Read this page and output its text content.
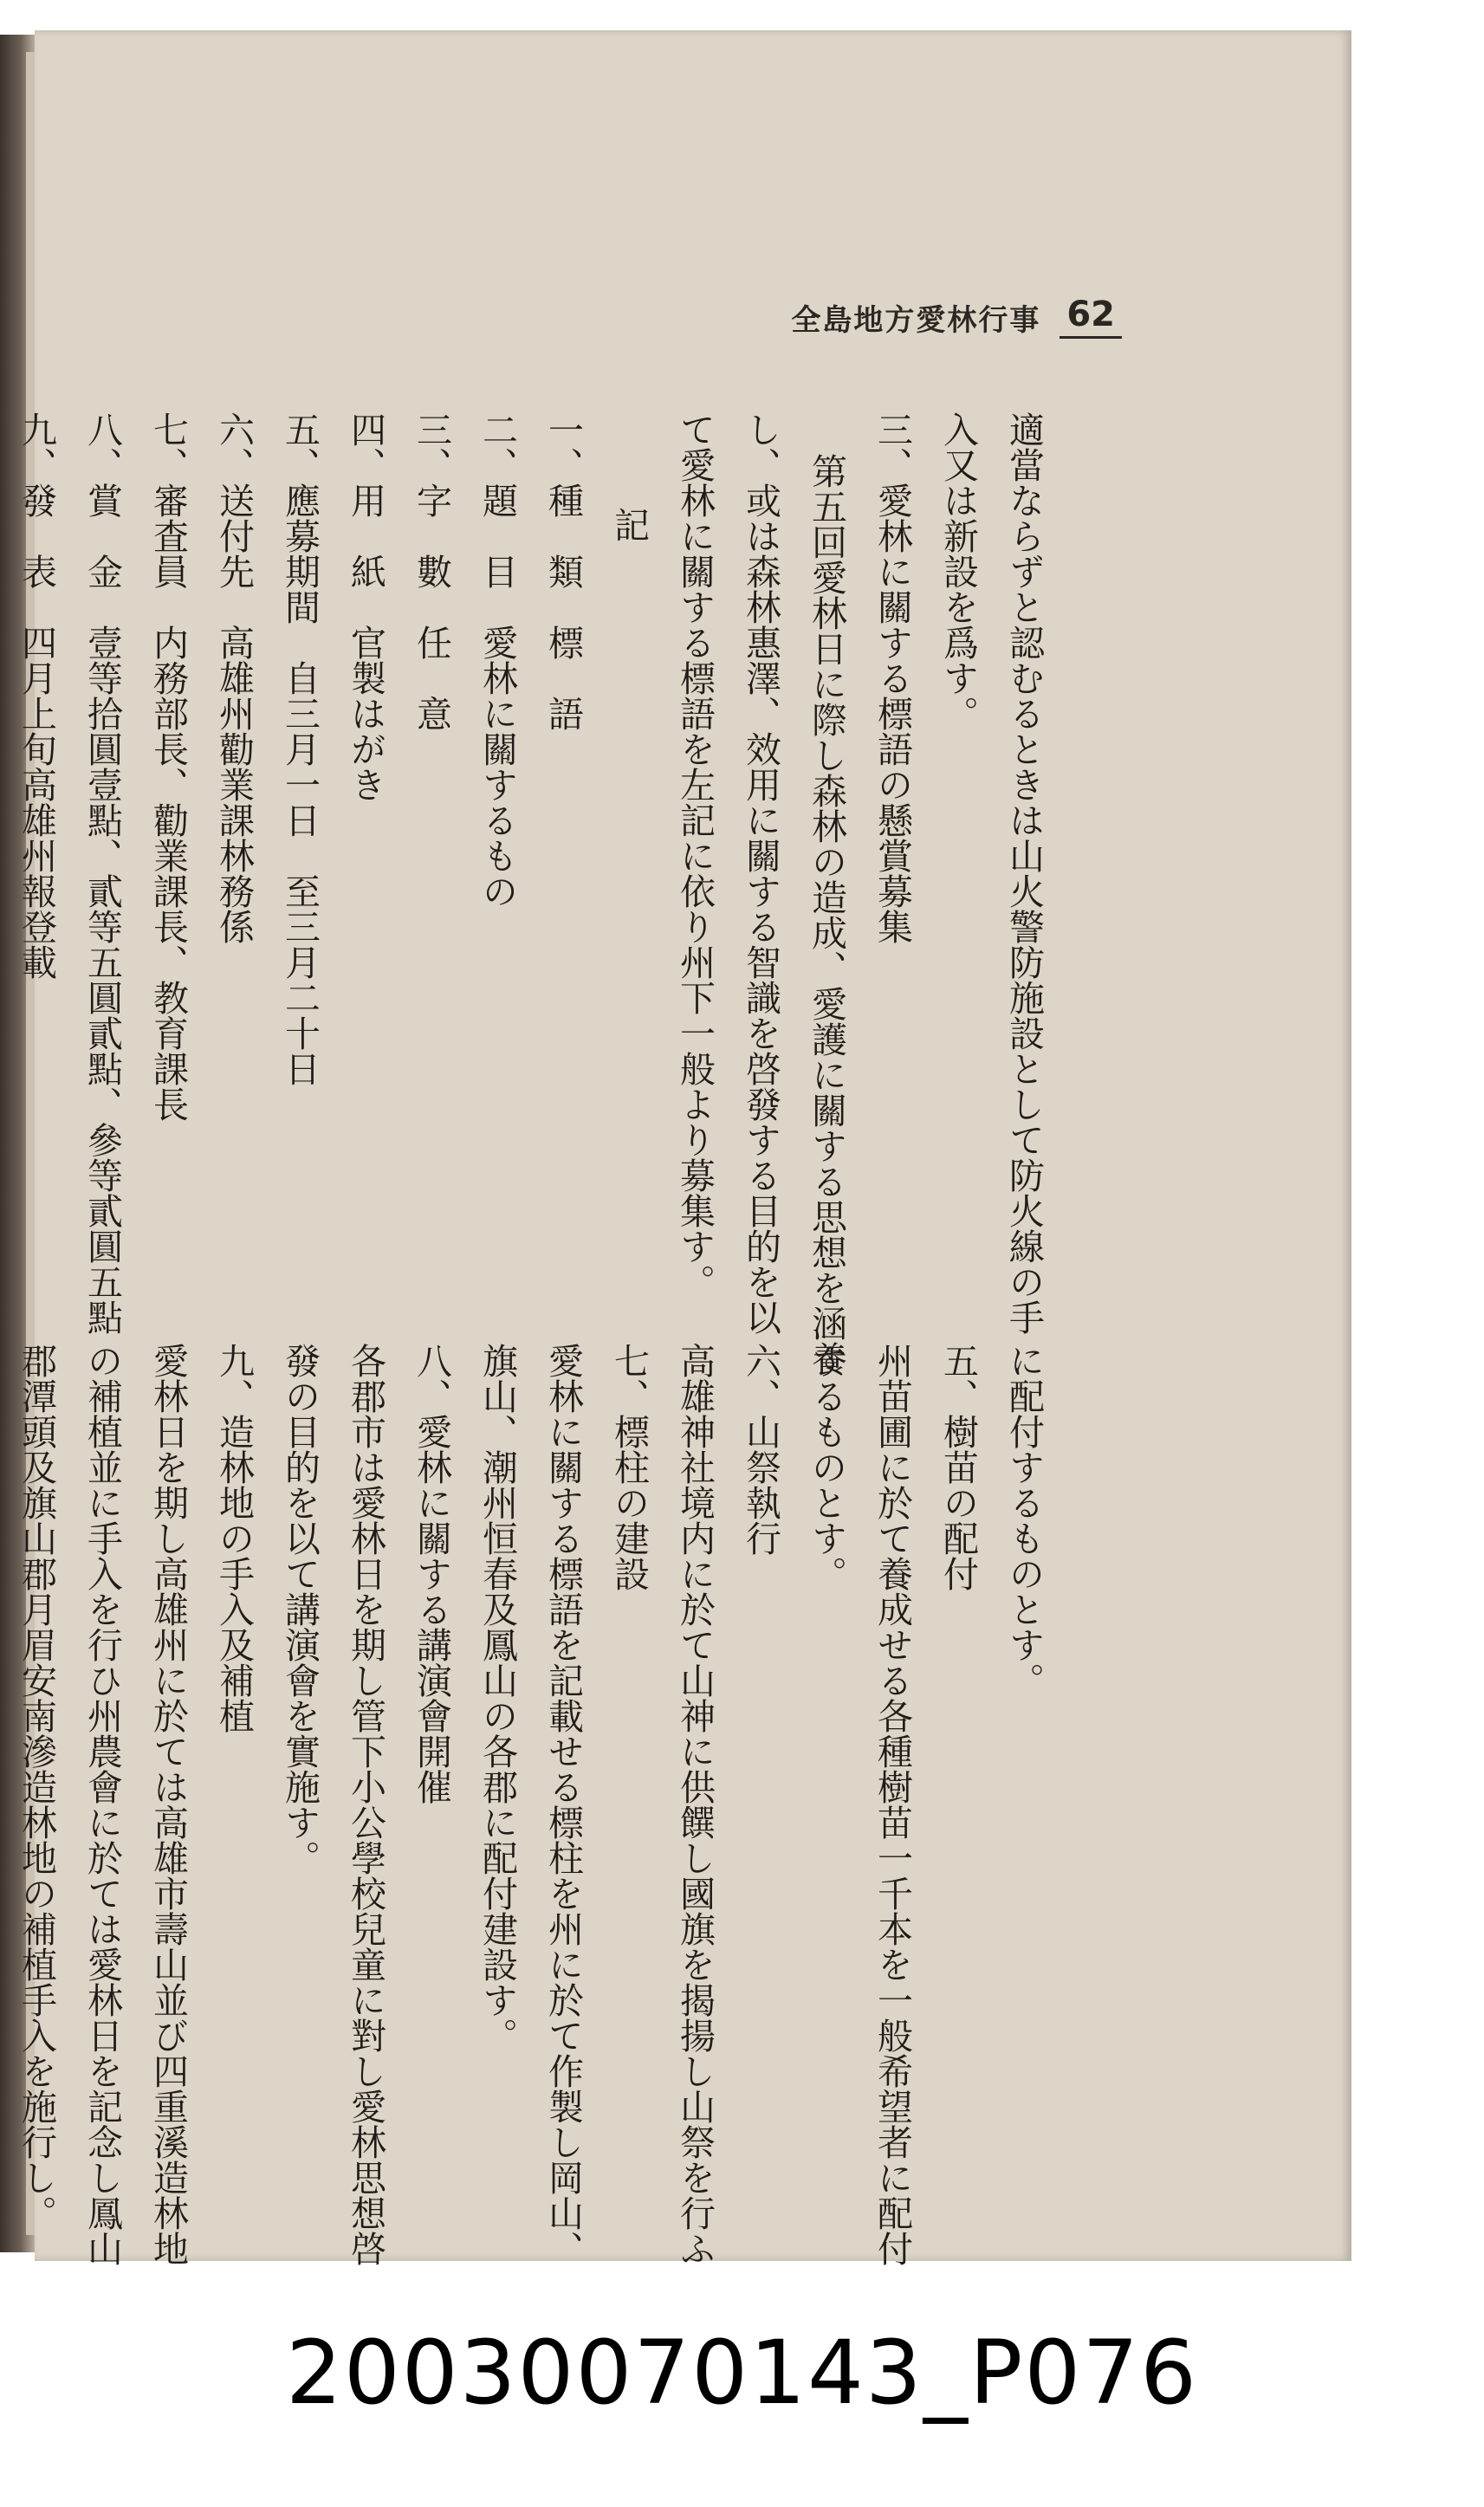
全島地方愛林行事 62
適當ならずと認むるときは山火警防施設として防火線の手
入又は新設を爲す。
三、愛林に關する標語の懸賞募集
第五回愛林日に際し森林の造成、愛護に關する思想を涵養
し、或は森林惠澤、效用に關する智識を啓發する目的を以
て愛林に關する標語を左記に依り州下一般より募集す。
記
一、種　類　標　語
二、題　目　愛林に關するもの
三、字　數　任　意
四、用　紙　官製はがき
五、應募期間　自三月一日　至三月二十日
六、送付先　高雄州勸業課林務係
七、審査員　内務部長、勸業課長、教育課長
八、賞　金　壹等拾圓壹點、貳等五圓貳點、參等貳圓五點
九、發　表　四月上旬高雄州報登載
に配付するものとす。
五、樹苗の配付
州苗圃に於て養成せる各種樹苗一千本を一般希望者に配付
するものとす。
六、山祭執行
高雄神社境内に於て山神に供饌し國旗を揭揚し山祭を行ふ
七、標柱の建設
愛林に關する標語を記載せる標柱を州に於て作製し岡山、
旗山、潮州恒春及鳳山の各郡に配付建設す。
八、愛林に關する講演會開催
各郡市は愛林日を期し管下小公學校兒童に對し愛林思想啓
發の目的を以て講演會を實施す。
九、造林地の手入及補植
愛林日を期し高雄州に於ては高雄市壽山並び四重溪造林地
の補植並に手入を行ひ州農會に於ては愛林日を記念し鳳山
郡潭頭及旗山郡月眉安南滲造林地の補植手入を施行し。
20030070143_P076
